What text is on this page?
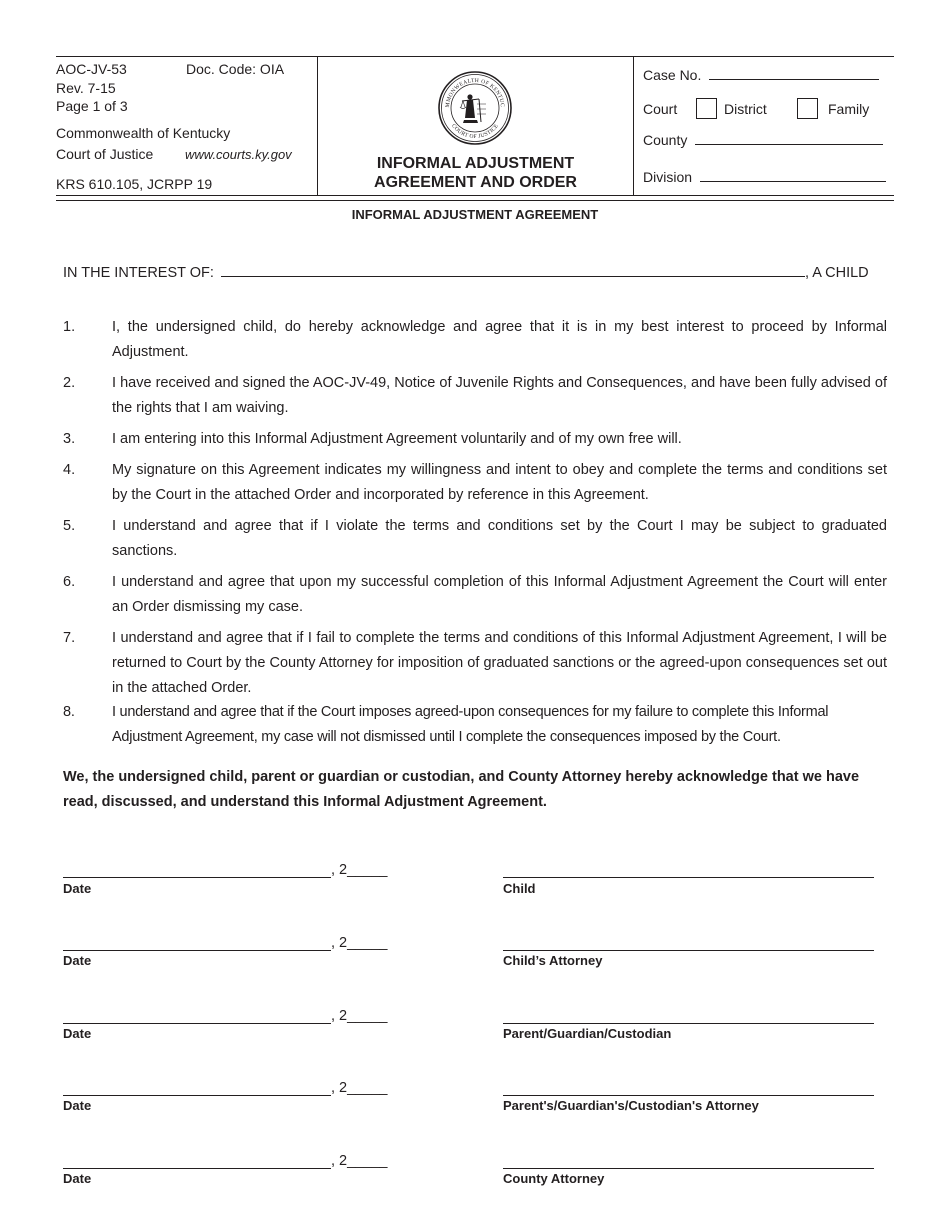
AOC-JV-53	Doc. Code: OIA
Rev. 7-15
Page 1 of 3
Commonwealth of Kentucky
Court of Justice www.courts.ky.gov
KRS 610.105, JCRPP 19
MMONWEALTH OF KENTUC
COURT OF JUSTICE
INFORMAL ADJUSTMENT
AGREEMENT AND ORDER
Case No.
Court	District	Family
County
Division
INFORMAL ADJUSTMENT AGREEMENT
IN THE INTEREST OF:	, A CHILD
1.	I, the undersigned child, do hereby acknowledge and agree that it is in my best interest to proceed by Informal Adjustment.
2.	I have received and signed the AOC-JV-49, Notice of Juvenile Rights and Consequences, and have been fully advised of the rights that I am waiving.
3.	I am entering into this Informal Adjustment Agreement voluntarily and of my own free will.
4.	My signature on this Agreement indicates my willingness and intent to obey and complete the terms and conditions set by the Court in the attached Order and incorporated by reference in this Agreement.
5.	I understand and agree that if I violate the terms and conditions set by the Court I may be subject to graduated sanctions.
6.	I understand and agree that upon my successful completion of this Informal Adjustment Agreement the Court will enter an Order dismissing my case.
7.	I understand and agree that if I fail to complete the terms and conditions of this Informal Adjustment Agreement, I will be returned to Court by the County Attorney for imposition of graduated sanctions or the agreed-upon consequences set out in the attached Order.
8.	I understand and agree that if the Court imposes agreed-upon consequences for my failure to complete this Informal Adjustment Agreement, my case will not dismissed until I complete the consequences imposed by the Court.
We, the undersigned child, parent or guardian or custodian, and County Attorney hereby acknowledge that we have read, discussed, and understand this Informal Adjustment Agreement.
, 2_____
Date	Child
, 2_____
Date	Child’s Attorney
, 2_____
Date	Parent/Guardian/Custodian
, 2_____
Date	Parent's/Guardian's/Custodian's Attorney
, 2_____
Date	County Attorney
